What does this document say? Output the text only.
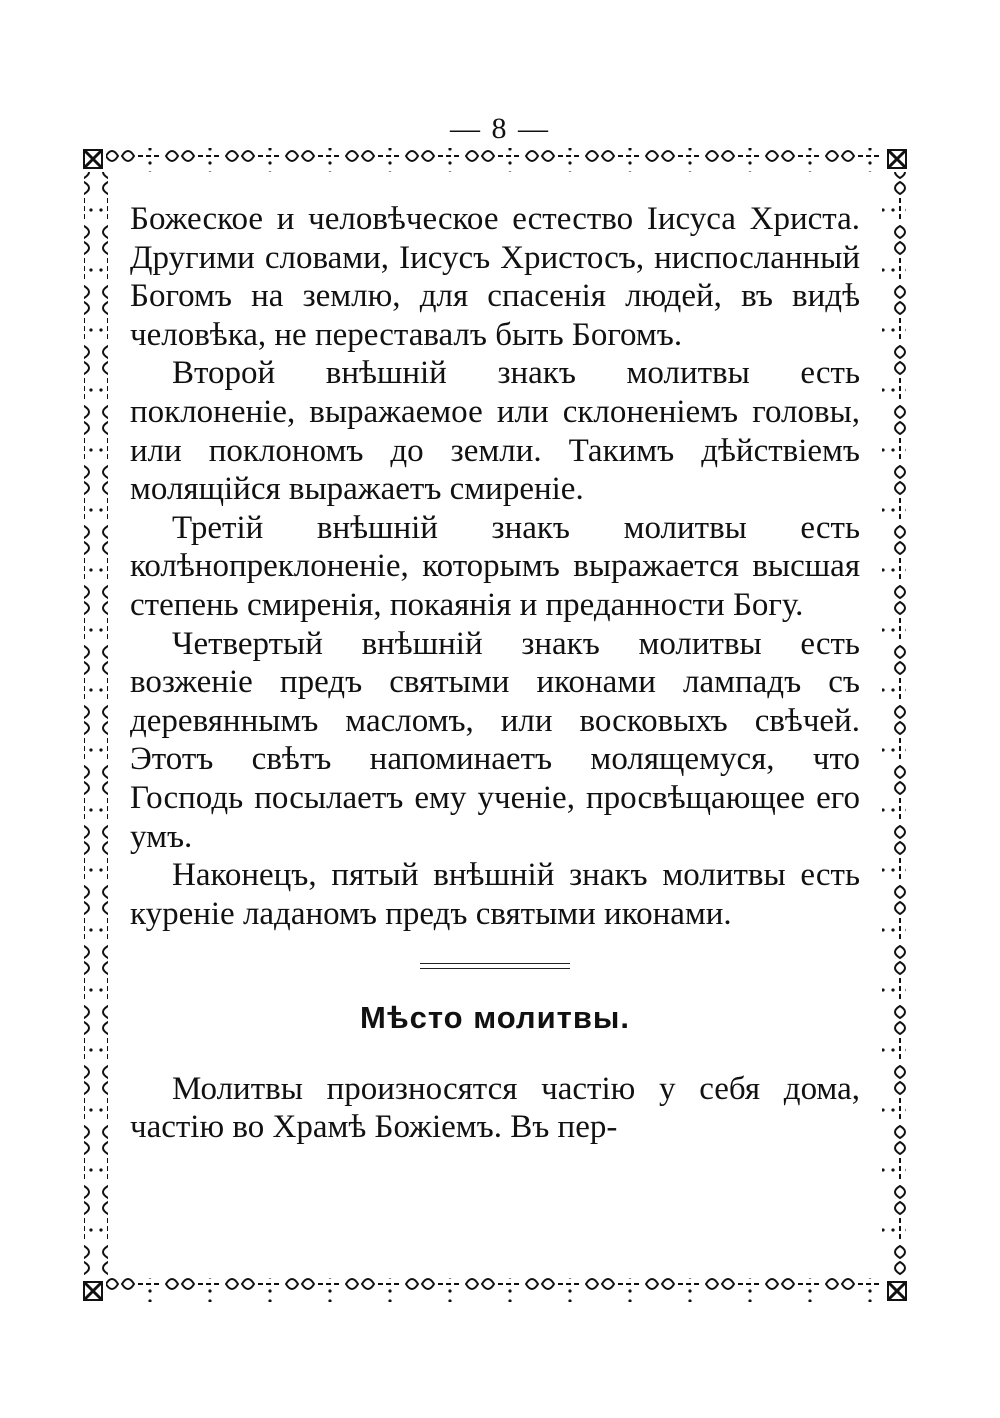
— 8 —

Божеское и человѣческое естество Іисуса Христа. Другими словами, Іисусъ Христосъ, ниспосланный Богомъ на землю, для спасенія людей, въ видѣ человѣка, не переставалъ быть Богомъ.

Второй внѣшній знакъ молитвы есть поклоненіе, выражаемое или склоненіемъ головы, или поклономъ до земли. Такимъ дѣйствіемъ молящійся выражаетъ смиреніе.

Третій внѣшній знакъ молитвы есть колѣнопреклоненіе, которымъ выражается высшая степень смиренія, покаянія и преданности Богу.

Четвертый внѣшній знакъ молитвы есть возженіе предъ святыми иконами лампадъ съ деревяннымъ масломъ, или восковыхъ свѣчей. Этотъ свѣтъ напоминаетъ молящемуся, что Господь посылаетъ ему ученіе, просвѣщающее его умъ.

Наконецъ, пятый внѣшній знакъ молитвы есть куреніе ладаномъ предъ святыми иконами.

Мѣсто молитвы.

Молитвы произносятся частію у себя дома, частію во Храмѣ Божіемъ. Въ пер-
